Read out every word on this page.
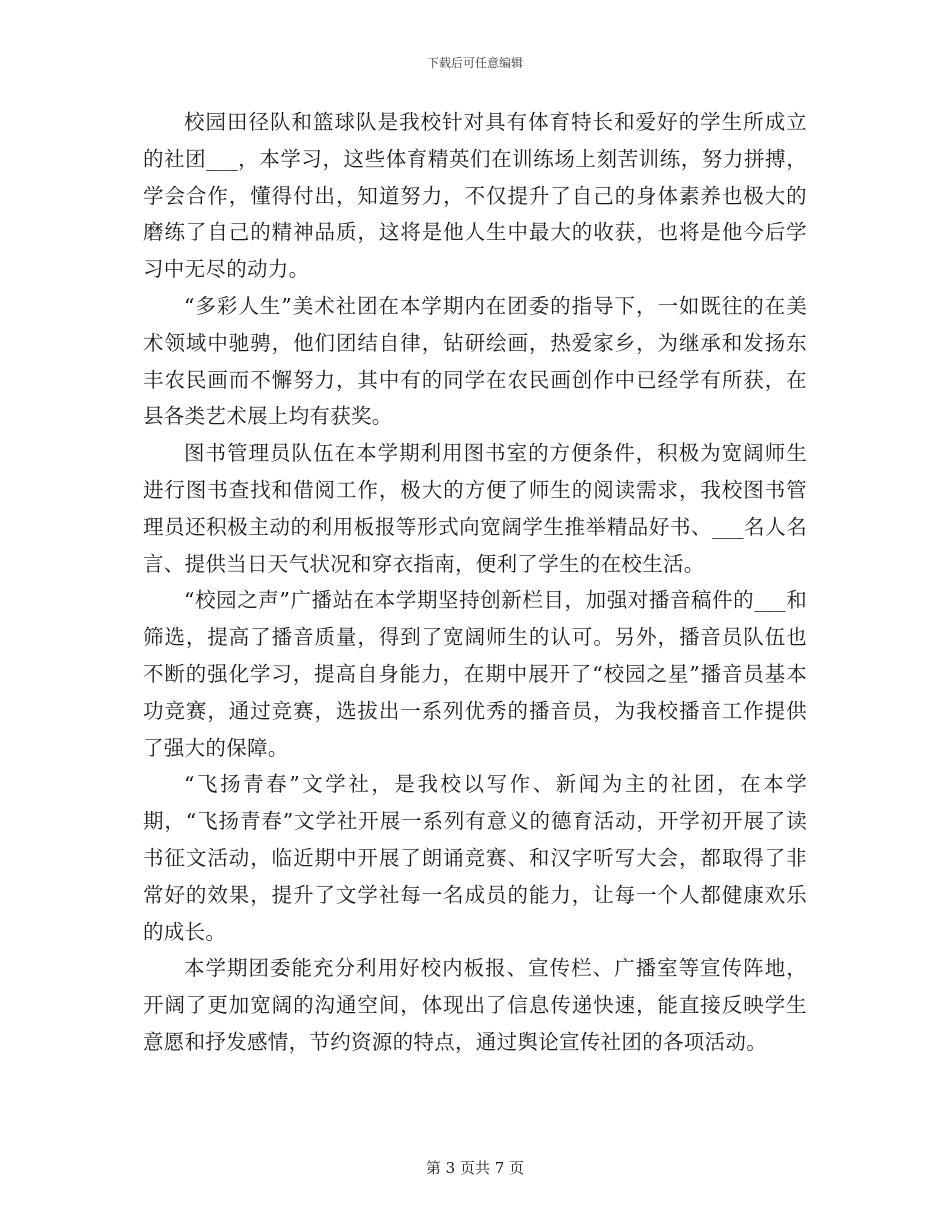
下载后可任意编辑

校园田径队和篮球队是我校针对具有体育特长和爱好的学生所成立的社团___，本学习，这些体育精英们在训练场上刻苦训练，努力拼搏，学会合作，懂得付出，知道努力，不仅提升了自己的身体素养也极大的磨练了自己的精神品质，这将是他人生中最大的收获，也将是他今后学习中无尽的动力。

“多彩人生”美术社团在本学期内在团委的指导下，一如既往的在美术领域中驰骋，他们团结自律，钻研绘画，热爱家乡，为继承和发扬东丰农民画而不懈努力，其中有的同学在农民画创作中已经学有所获，在县各类艺术展上均有获奖。

图书管理员队伍在本学期利用图书室的方便条件，积极为宽阔师生进行图书查找和借阅工作，极大的方便了师生的阅读需求，我校图书管理员还积极主动的利用板报等形式向宽阔学生推举精品好书、___名人名言、提供当日天气状况和穿衣指南，便利了学生的在校生活。

“校园之声”广播站在本学期坚持创新栏目，加强对播音稿件的___和筛选，提高了播音质量，得到了宽阔师生的认可。另外，播音员队伍也不断的强化学习，提高自身能力，在期中展开了“校园之星”播音员基本功竞赛，通过竞赛，选拔出一系列优秀的播音员，为我校播音工作提供了强大的保障。

“飞扬青春”文学社，是我校以写作、新闻为主的社团，在本学期，“飞扬青春”文学社开展一系列有意义的德育活动，开学初开展了读书征文活动，临近期中开展了朗诵竞赛、和汉字听写大会，都取得了非常好的效果，提升了文学社每一名成员的能力，让每一个人都健康欢乐的成长。

本学期团委能充分利用好校内板报、宣传栏、广播室等宣传阵地，开阔了更加宽阔的沟通空间，体现出了信息传递快速，能直接反映学生意愿和抒发感情，节约资源的特点，通过舆论宣传社团的各项活动。

第 3 页共 7 页
